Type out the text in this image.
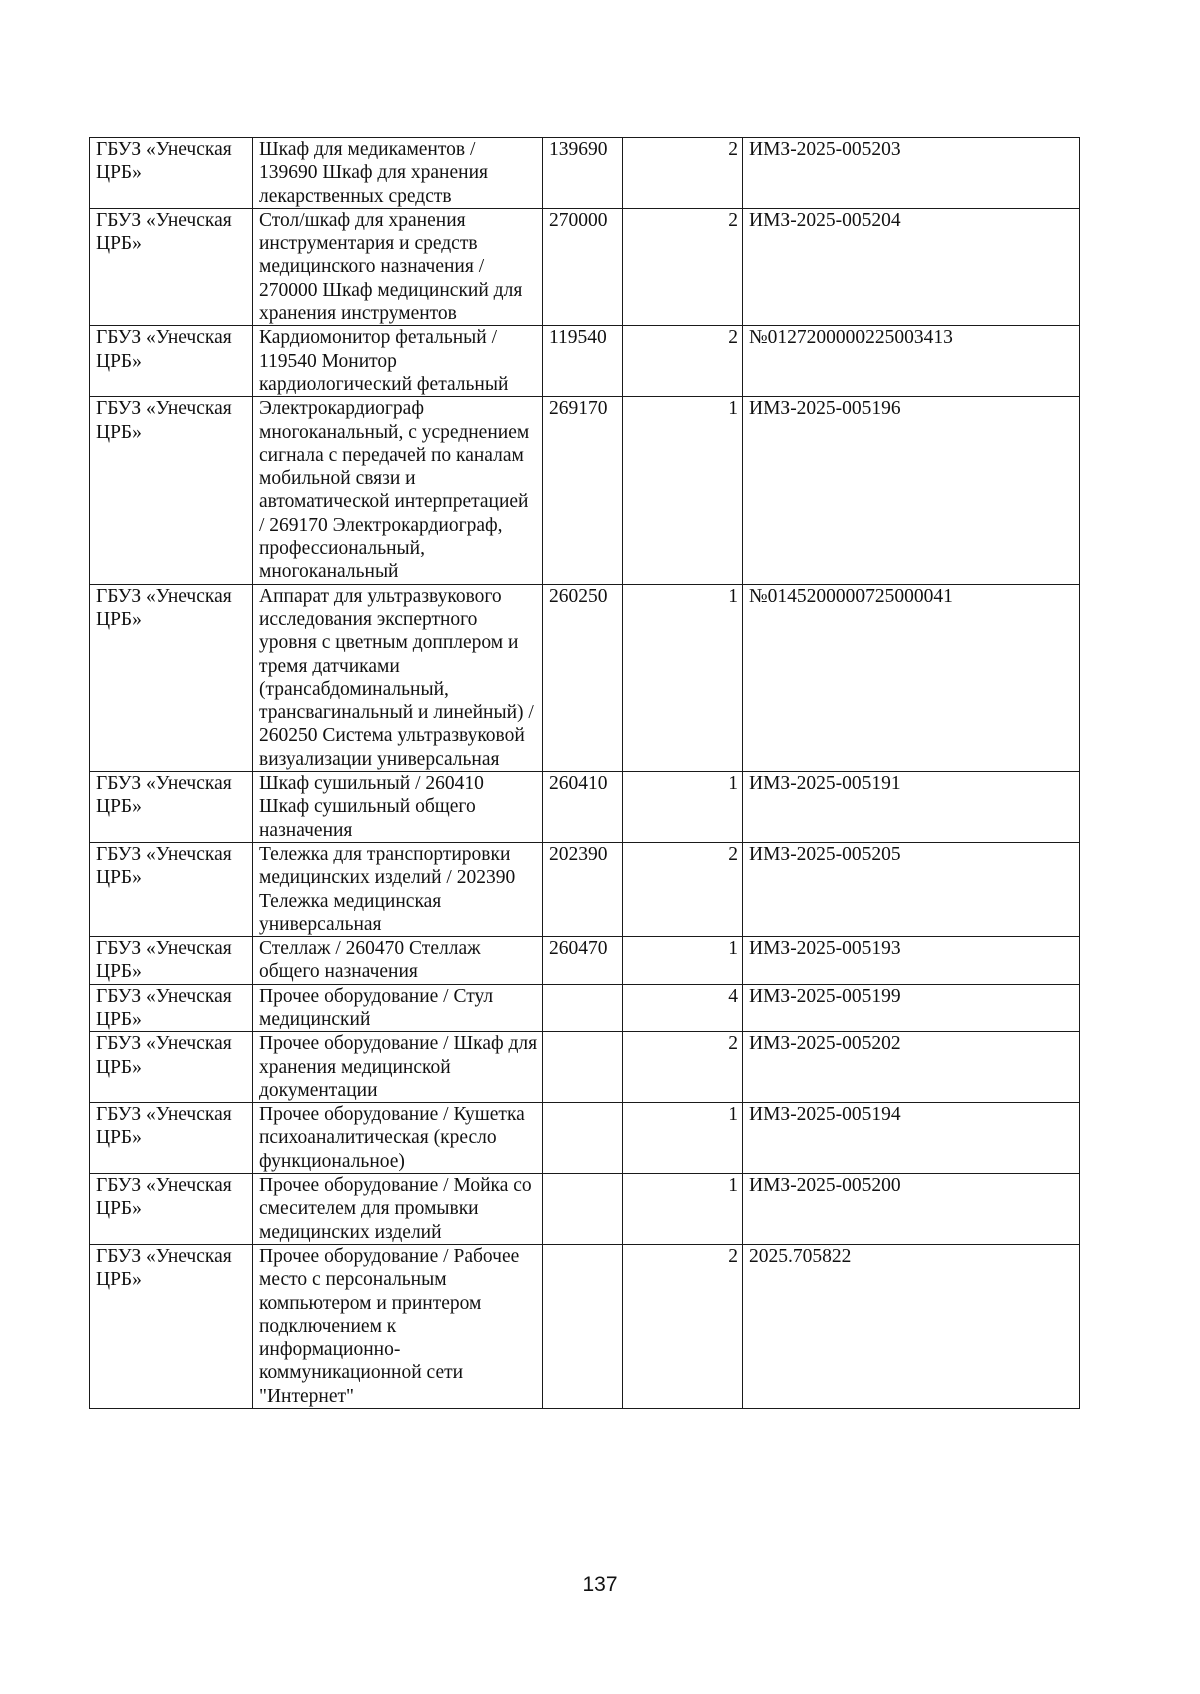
ГБУЗ «Унечская ЦРБ»	Шкаф для медикаментов / 139690 Шкаф для хранения лекарственных средств	139690	2	ИМЗ-2025-005203
ГБУЗ «Унечская ЦРБ»	Стол/шкаф для хранения инструментария и средств медицинского назначения / 270000 Шкаф медицинский для хранения инструментов	270000	2	ИМЗ-2025-005204
ГБУЗ «Унечская ЦРБ»	Кардиомонитор фетальный / 119540 Монитор кардиологический фетальный	119540	2	№0127200000225003413
ГБУЗ «Унечская ЦРБ»	Электрокардиограф многоканальный, с усреднением сигнала с передачей по каналам мобильной связи и автоматической интерпретацией / 269170 Электрокардиограф, профессиональный, многоканальный	269170	1	ИМЗ-2025-005196
ГБУЗ «Унечская ЦРБ»	Аппарат для ультразвукового исследования экспертного уровня с цветным допплером и тремя датчиками (трансабдоминальный, трансвагинальный и линейный) / 260250 Система ультразвуковой визуализации универсальная	260250	1	№0145200000725000041
ГБУЗ «Унечская ЦРБ»	Шкаф сушильный / 260410 Шкаф сушильный общего назначения	260410	1	ИМЗ-2025-005191
ГБУЗ «Унечская ЦРБ»	Тележка для транспортировки медицинских изделий / 202390 Тележка медицинская универсальная	202390	2	ИМЗ-2025-005205
ГБУЗ «Унечская ЦРБ»	Стеллаж / 260470 Стеллаж общего назначения	260470	1	ИМЗ-2025-005193
ГБУЗ «Унечская ЦРБ»	Прочее оборудование / Стул медицинский		4	ИМЗ-2025-005199
ГБУЗ «Унечская ЦРБ»	Прочее оборудование / Шкаф для хранения медицинской документации		2	ИМЗ-2025-005202
ГБУЗ «Унечская ЦРБ»	Прочее оборудование / Кушетка психоаналитическая (кресло функциональное)		1	ИМЗ-2025-005194
ГБУЗ «Унечская ЦРБ»	Прочее оборудование / Мойка со смесителем для промывки медицинских изделий		1	ИМЗ-2025-005200
ГБУЗ «Унечская ЦРБ»	Прочее оборудование / Рабочее место с персональным компьютером и принтером подключением к информационно-коммуникационной сети "Интернет"		2	2025.705822
137
